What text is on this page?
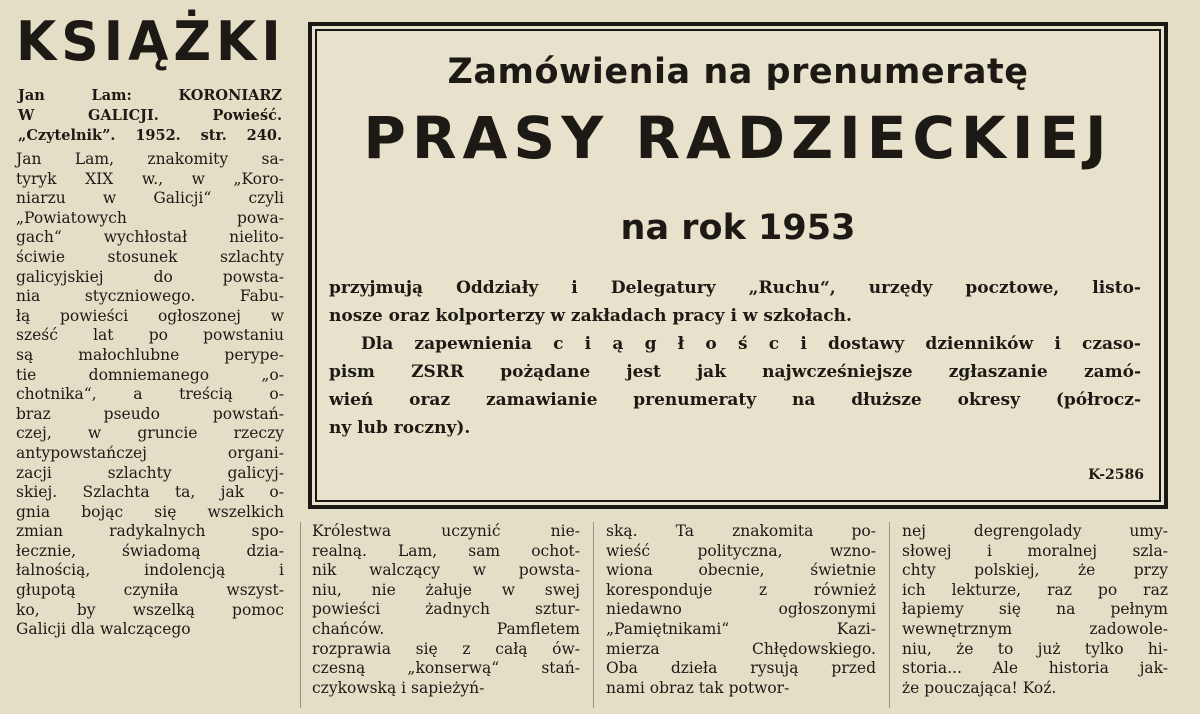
KSIĄŻKI
Jan Lam: KORONIARZ
W GALICJI. Powieść.
„Czytelnik”. 1952. str. 240.
Jan Lam, znakomity sa-
tyryk XIX w., w „Koro-
niarzu w Galicji“ czyli
„Powiatowych powa-
gach“ wychłostał nielito-
ściwie stosunek szlachty
galicyjskiej do powsta-
nia styczniowego. Fabu-
łą powieści ogłoszonej w
sześć lat po powstaniu
są małochlubne perype-
tie domniemanego „o-
chotnika“, a treścią o-
braz pseudo powstań-
czej, w gruncie rzeczy
antypowstańczej organi-
zacji szlachty galicyj-
skiej. Szlachta ta, jak o-
gnia bojąc się wszelkich
zmian radykalnych spo-
łecznie, świadomą dzia-
łalnością, indolencją i
głupotą czyniła wszyst-
ko, by wszelką pomoc
Galicji dla walczącego
Zamówienia na prenumeratę
PRASY RADZIECKIEJ
na rok 1953
przyjmują Oddziały i Delegatury „Ruchu“, urzędy pocztowe, listo-
nosze oraz kolporterzy w zakładach pracy i w szkołach.
Dla zapewnienia c i ą g ł o ś c i dostawy dzienników i czaso-
pism ZSRR pożądane jest jak najwcześniejsze zgłaszanie zamó-
wień oraz zamawianie prenumeraty na dłuższe okresy (półrocz-
ny lub roczny).
K-2586
Królestwa uczynić nie-
realną. Lam, sam ochot-
nik walczący w powsta-
niu, nie żałuje w swej
powieści żadnych sztur-
chańców. Pamfletem
rozprawia się z całą ów-
czesną „konserwą“ stań-
czykowską i sapieżyń-
ską. Ta znakomita po-
wieść polityczna, wzno-
wiona obecnie, świetnie
koresponduje z również
niedawno ogłoszonymi
„Pamiętnikami“ Kazi-
mierza Chłędowskiego.
Oba dzieła rysują przed
nami obraz tak potwor-
nej degrengolady umy-
słowej i moralnej szla-
chty polskiej, że przy
ich lekturze, raz po raz
łapiemy się na pełnym
wewnętrznym zadowole-
niu, że to już tylko hi-
storia... Ale historia jak-
że pouczająca! Koź.
